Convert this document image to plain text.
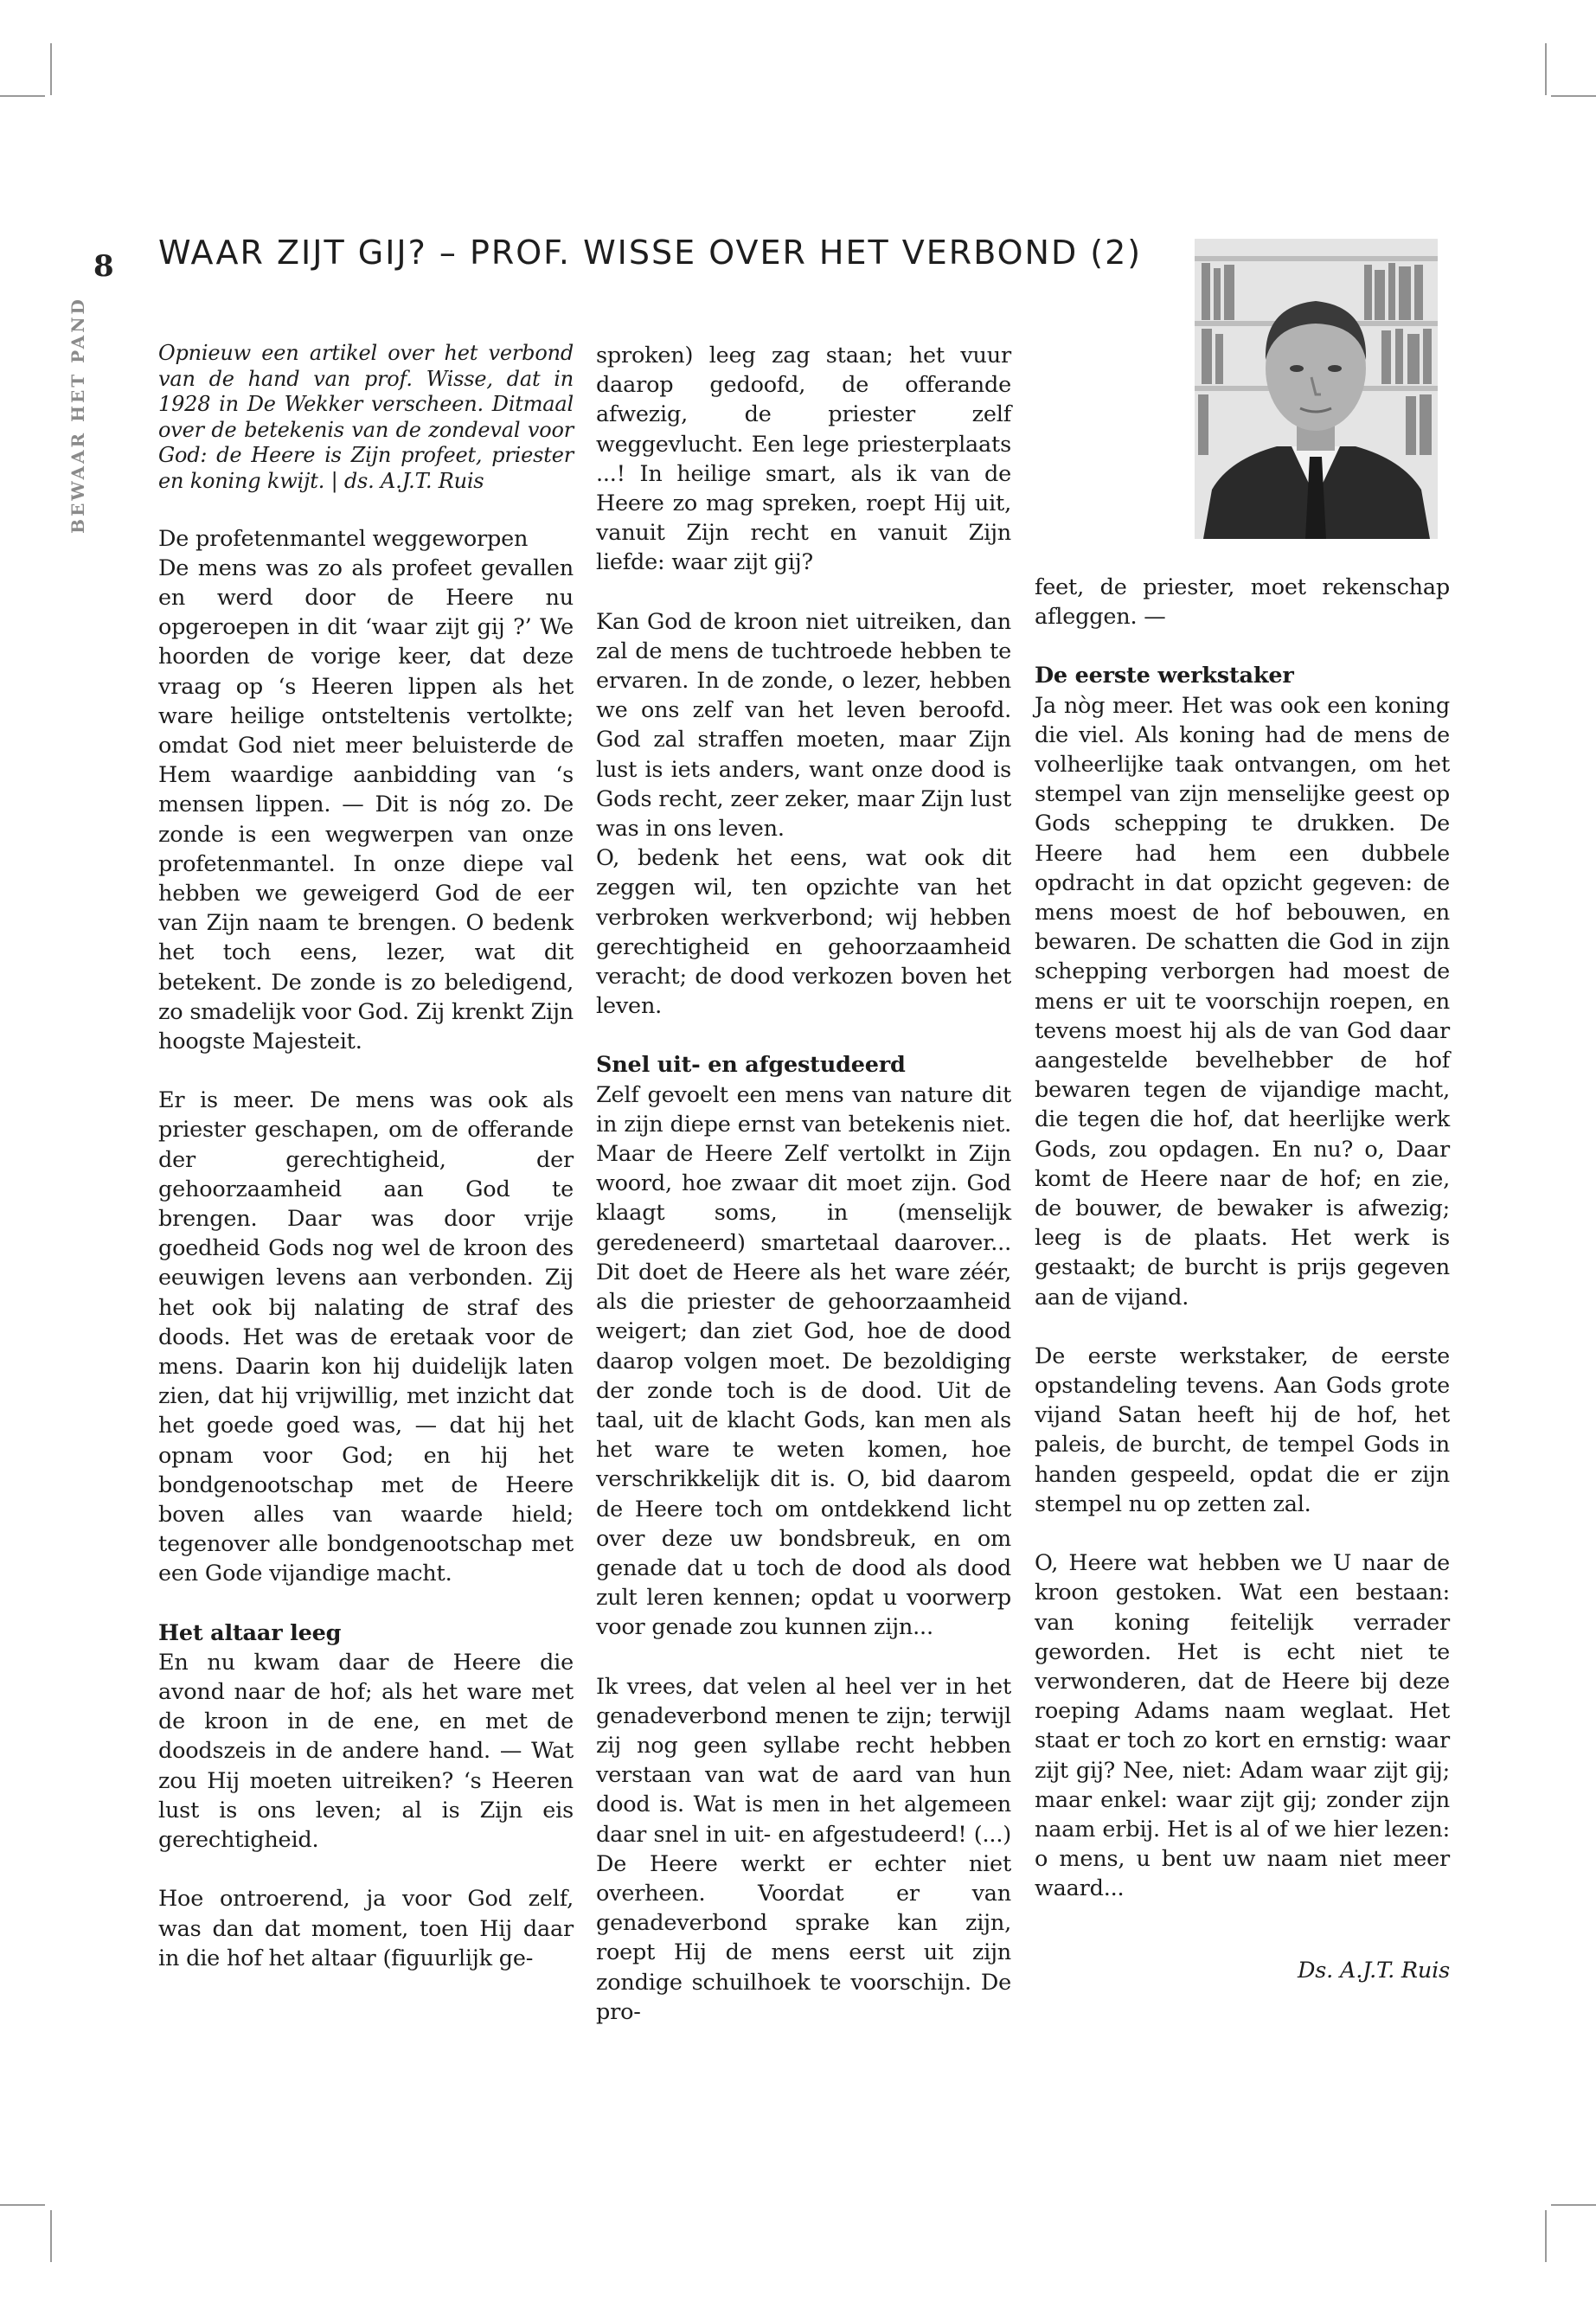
8
BEWAAR HET PAND
WAAR ZIJT GIJ? – PROF. WISSE OVER HET VERBOND (2)

Opnieuw een artikel over het verbond van de hand van prof. Wisse, dat in 1928 in De Wekker verscheen. Ditmaal over de betekenis van de zondeval voor God: de Heere is Zijn profeet, priester en koning kwijt. | ds. A.J.T. Ruis

De profetenmantel weggeworpen

De mens was zo als profeet gevallen en werd door de Heere nu opgeroepen in dit ‘waar zijt gij ?’ We hoorden de vorige keer, dat deze vraag op ‘s Heeren lippen als het ware heilige ontsteltenis vertolkte; omdat God niet meer beluisterde de Hem waardige aanbidding van ‘s mensen lippen. — Dit is nóg zo. De zonde is een wegwerpen van onze profetenmantel. In onze diepe val hebben we geweigerd God de eer van Zijn naam te brengen. O bedenk het toch eens, lezer, wat dit betekent. De zonde is zo beledigend, zo smadelijk voor God. Zij krenkt Zijn hoogste Majesteit.

Er is meer. De mens was ook als priester geschapen, om de offerande der gerechtigheid, der gehoorzaamheid aan God te brengen. Daar was door vrije goedheid Gods nog wel de kroon des eeuwigen levens aan verbonden. Zij het ook bij nalating de straf des doods. Het was de eretaak voor de mens. Daarin kon hij duidelijk laten zien, dat hij vrijwillig, met inzicht dat het goede goed was, — dat hij het opnam voor God; en hij het bondgenootschap met de Heere boven alles van waarde hield; tegenover alle bondgenootschap met een Gode vijandige macht.

Het altaar leeg

En nu kwam daar de Heere die avond naar de hof; als het ware met de kroon in de ene, en met de doodszeis in de andere hand. — Wat zou Hij moeten uitreiken? ‘s Heeren lust is ons leven; al is Zijn eis gerechtigheid.

Hoe ontroerend, ja voor God zelf, was dan dat moment, toen Hij daar in die hof het altaar (figuurlijk ge-

sproken) leeg zag staan; het vuur daarop gedoofd, de offerande afwezig, de priester zelf weggevlucht. Een lege priesterplaats ...! In heilige smart, als ik van de Heere zo mag spreken, roept Hij uit, vanuit Zijn recht en vanuit Zijn liefde: waar zijt gij?

Kan God de kroon niet uitreiken, dan zal de mens de tuchtroede hebben te ervaren. In de zonde, o lezer, hebben we ons zelf van het leven beroofd. God zal straffen moeten, maar Zijn lust is iets anders, want onze dood is Gods recht, zeer zeker, maar Zijn lust was in ons leven.

O, bedenk het eens, wat ook dit zeggen wil, ten opzichte van het verbroken werkverbond; wij hebben gerechtigheid en gehoorzaamheid veracht; de dood verkozen boven het leven.

Snel uit- en afgestudeerd

Zelf gevoelt een mens van nature dit in zijn diepe ernst van betekenis niet. Maar de Heere Zelf vertolkt in Zijn woord, hoe zwaar dit moet zijn. God klaagt soms, in (menselijk geredeneerd) smartetaal daarover... Dit doet de Heere als het ware zéér, als die priester de gehoorzaamheid weigert; dan ziet God, hoe de dood daarop volgen moet. De bezoldiging der zonde toch is de dood. Uit de taal, uit de klacht Gods, kan men als het ware te weten komen, hoe verschrikkelijk dit is. O, bid daarom de Heere toch om ontdekkend licht over deze uw bondsbreuk, en om genade dat u toch de dood als dood zult leren kennen; opdat u voorwerp voor genade zou kunnen zijn...

Ik vrees, dat velen al heel ver in het genadeverbond menen te zijn; terwijl zij nog geen syllabe recht hebben verstaan van wat de aard van hun dood is. Wat is men in het algemeen daar snel in uit- en afgestudeerd! (...) De Heere werkt er echter niet overheen. Voordat er van genadeverbond sprake kan zijn, roept Hij de mens eerst uit zijn zondige schuilhoek te voorschijn. De pro-

feet, de priester, moet rekenschap afleggen. —

De eerste werkstaker

Ja nòg meer. Het was ook een koning die viel. Als koning had de mens de volheerlijke taak ontvangen, om het stempel van zijn menselijke geest op Gods schepping te drukken. De Heere had hem een dubbele opdracht in dat opzicht gegeven: de mens moest de hof bebouwen, en bewaren. De schatten die God in zijn schepping verborgen had moest de mens er uit te voorschijn roepen, en tevens moest hij als de van God daar aangestelde bevelhebber de hof bewaren tegen de vijandige macht, die tegen die hof, dat heerlijke werk Gods, zou opdagen. En nu? o, Daar komt de Heere naar de hof; en zie, de bouwer, de bewaker is afwezig; leeg is de plaats. Het werk is gestaakt; de burcht is prijs gegeven aan de vijand.

De eerste werkstaker, de eerste opstandeling tevens. Aan Gods grote vijand Satan heeft hij de hof, het paleis, de burcht, de tempel Gods in handen gespeeld, opdat die er zijn stempel nu op zetten zal.

O, Heere wat hebben we U naar de kroon gestoken. Wat een bestaan: van koning feitelijk verrader geworden. Het is echt niet te verwonderen, dat de Heere bij deze roeping Adams naam weglaat. Het staat er toch zo kort en ernstig: waar zijt gij? Nee, niet: Adam waar zijt gij; maar enkel: waar zijt gij; zonder zijn naam erbij. Het is al of we hier lezen: o mens, u bent uw naam niet meer waard...

Ds. A.J.T. Ruis
